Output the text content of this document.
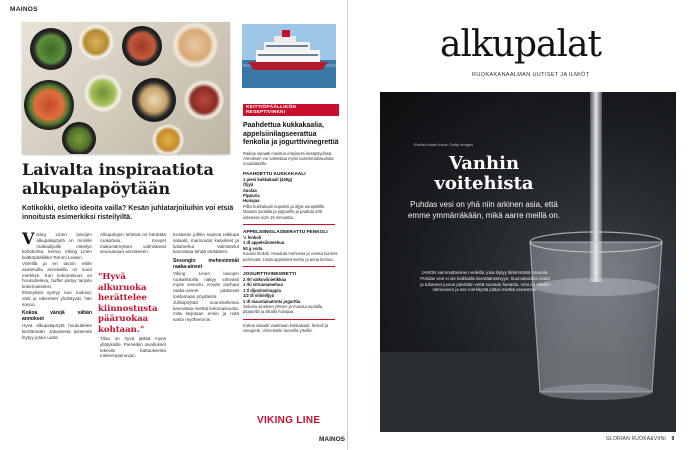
MAINOS
KEITTIÖPÄÄLLIKÖN RESEPTIVINKKI
Paahdettua kukkakaalia, appelsiinilagseerattua fenkolia ja jogurttivinegrettiä
Raikas salaatti maistuu erityisesti kesäpöydissä. Annoksen voi valmistaa myös kasvisruokavaliota noudattaville.
PAAHDETTU KUKKAKAALI
1 pieni kukkakaali (400g)
Öljyä
Suolaa
Pippuria
Hunajaa
Pilko kukkakaali nupuiksi ja öljyä uunipellille. Mausta suolalla ja pippurilla ja paahda 200 asteessa noin 15 minuuttia.
APPELSIINIGLASEERATTU FENKOLI
½ fenkoli
1 dl appelsiinimehua
50 g voita
Kuutioi fenkoli. Hauduta mehussa ja voissa kunnes pehmeää. Lisää appelsiininmehu ja anna kiehua.
JOGURTTIVINEGRETTI
2 rkl valkoviinietikkaa
1 rkl sitruunamehua
1 tl dijoninsinappia
1/2 dl oliiviöljyä
1 dl maustamatonta jogurttia
Sekoita ainekset yhteen ja mausta suolalla, pippurilla ja tilkalla hunajaa.
Kokoa salaatti vaaletaan kukkakaali, fenkoli ja vinegretti. Viimeistele tuoreilla yrteillä.
VIKING LINE
Laivalta inspiraatiota alkupalapöytään
Kotikokki, oletko ideoita vailla? Kesän juhlatarjoiluihin voi etsiä innoitusta esimerkiksi risteilyiltä.
V iking Linen laivojen alkupalapöytä on monille matkailijoille risteilyn kohokohta, kertoo Viking Linen keittiöpäällikkö Tommi Leiden.

Väreillä ja eri tavoin esille asetetuilla annoksilla on suuri merkitys. Kun kokonaisuus on houkutteleva, buffet piirtyy tarjoilu kokemukseksi.

Elämyksiä syntyy kun tuoksut, värit ja rakenteet yhdistyvät, hän sanoo.

Kokoa värejä vähän annokset

Hyvä alkupalapöytä houkuttelee kiertämään. Jokaisesta pisteestä löytyy jotain uutta.

Alkupalojen tehtävä on herättää ruokahalu. Kevyet makuelämykset valmistavat seuraavaan annokseen.

"Hyvä alkuruoka herättelee kiinnostusta pääruokaa kohtaan."
Tilaa on hyvä jättää myös yllätyksille. Pienetkin oivallukset tekevät kattauksesta mieleenpainuvan.

Kesäisiin juhliin sopivat raikkaat salaatit, marinoidut kasvikset ja kalaherkut. Valmistelut kannattaa tehdä etukäteen.

Sesongin mehevimmät raaka-aineet

Viking Linen laivojen ruokalistoilla näkyy vahvasti myös sesonki. Kesän parhaat raaka-aineet pääsevät loistamaan pöydässä.

Juhlapöytää suunnitellessa kannattaa miettiä kokonaisuutta: mitä tarjotaan ensin ja mitä vasta myöhemmin.

MAINOS
alkupalat
RUOKAKANAALMAN UUTISET JA ILMIÖT
Emilia Koberi kuva: Getty Images
Vanhin voitehista
Puhdas vesi on yhä niin arkinen asia, että emme ymmärräkään, mikä aarre meillä on.
JANON sammuttaminen vedellä, joka löytyy lähimmästä hanasta. Puhdas vesi ei ole kaikkialla itsestäänselvyys. Suomalaisista sadat ja tuhannet juovat päivittäin vettä suoraan hanasta. Vesi on eläville olennainen ja sen merkitystä pitäisi miettiä useammin.
GLORIAN RUOKA&VIINI 9
